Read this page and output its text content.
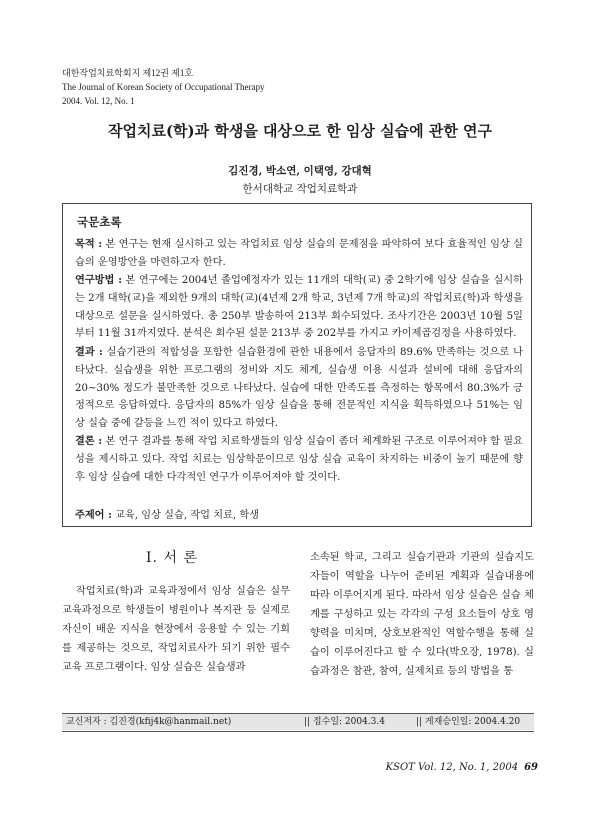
대한작업치료학회지 제12권 제1호
The Journal of Korean Society of Occupational Therapy
2004. Vol. 12, No. 1
작업치료(학)과 학생을 대상으로 한 임상 실습에 관한 연구
김진경, 박소연, 이택영, 강대혁
한서대학교 작업치료학과
국문초록
목적 : 본 연구는 현재 실시하고 있는 작업치료 임상 실습의 문제점을 파악하여 보다 효율적인 임상 실습의 운영방안을 마련하고자 한다.
연구방법 : 본 연구에는 2004년 졸업예정자가 있는 11개의 대학(교) 중 2학기에 임상 실습을 실시하는 2개 대학(교)을 제외한 9개의 대학(교)(4년제 2개 학교, 3년제 7개 학교)의 작업치료(학)과 학생을 대상으로 설문을 실시하였다. 총 250부 발송하여 213부 회수되었다. 조사기간은 2003년 10월 5일부터 11월 31까지였다. 분석은 회수된 설문 213부 중 202부를 가지고 카이제곱검정을 사용하였다.
결과 : 실습기관의 적합성을 포함한 실습환경에 관한 내용에서 응답자의 89.6% 만족하는 것으로 나타났다. 실습생을 위한 프로그램의 정비와 지도 체계, 실습생 이용 시설과 설비에 대해 응답자의 20~30% 정도가 불만족한 것으로 나타났다. 실습에 대한 만족도를 측정하는 항목에서 80.3%가 긍정적으로 응답하였다. 응답자의 85%가 임상 실습을 통해 전문적인 지식을 획득하였으나 51%는 임상 실습 중에 갈등을 느낀 적이 있다고 하였다.
결론 : 본 연구 결과를 통해 작업 치료학생들의 임상 실습이 좀더 체계화된 구조로 이루어져야 함 필요성을 제시하고 있다. 작업 치료는 임상학문이므로 임상 실습 교육이 차지하는 비중이 높기 때문에 향후 임상 실습에 대한 다각적인 연구가 이루어져야 할 것이다.
주제어 : 교육, 임상 실습, 작업 치료, 학생
Ⅰ. 서 론
작업치료(학)과 교육과정에서 임상 실습은 실무교육과정으로 학생들이 병원이나 복지관 등 실제로 자신이 배운 지식을 현장에서 응용할 수 있는 기회를 제공하는 것으로, 작업치료사가 되기 위한 필수 교육 프로그램이다. 임상 실습은 실습생과
소속된 학교, 그리고 실습기관과 기관의 실습지도자들이 역할을 나누어 준비된 계획과 실습내용에 따라 이루어지게 된다. 따라서 임상 실습은 실습 체계를 구성하고 있는 각각의 구성 요소들이 상호 영향력을 미치며, 상호보완적인 역할수행을 통해 실습이 이루어진다고 할 수 있다(박오장, 1978). 실습과정은 참관, 참여, 실제치료 등의 방법을 통
교신저자 : 김진경(kfij4k@hanmail.net)	|| 접수일: 2004.3.4	|| 게재승인일: 2004.4.20
KSOT Vol. 12, No. 1, 2004 69
